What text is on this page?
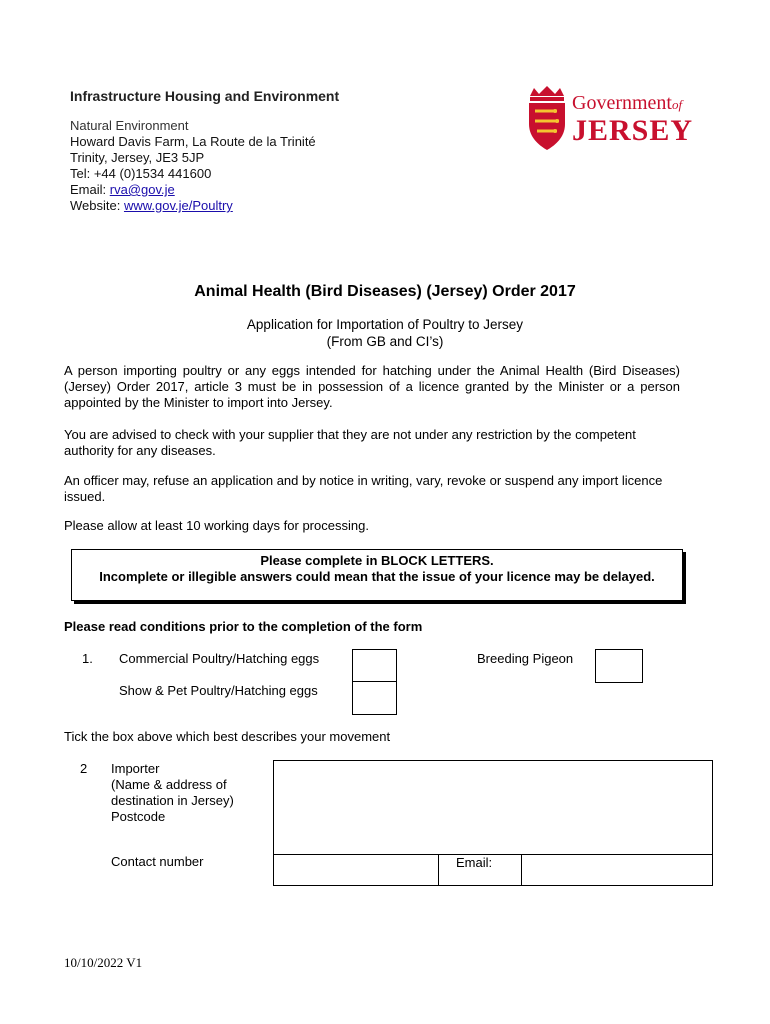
Infrastructure Housing and Environment
Natural Environment
Howard Davis Farm, La Route de la Trinité
Trinity, Jersey, JE3 5JP
Tel: +44 (0)1534 441600
Email: rva@gov.je
Website: www.gov.je/Poultry
Governmentof
JERSEY
Animal Health (Bird Diseases) (Jersey) Order 2017
Application for Importation of Poultry to Jersey
(From GB and CI’s)
A person importing poultry or any eggs intended for hatching under the Animal Health (Bird Diseases) (Jersey) Order 2017, article 3 must be in possession of a licence granted by the Minister or a person appointed by the Minister to import into Jersey.
You are advised to check with your supplier that they are not under any restriction by the competent authority for any diseases.
An officer may, refuse an application and by notice in writing, vary, revoke or suspend any import licence issued.
Please allow at least 10 working days for processing.
Please complete in BLOCK LETTERS.
Incomplete or illegible answers could mean that the issue of your licence may be delayed.
Please read conditions prior to the completion of the form
1. Commercial Poultry/Hatching eggs	Breeding Pigeon
Show & Pet Poultry/Hatching eggs
Tick the box above which best describes your movement
2 Importer
(Name & address of
destination in Jersey)
Postcode
Contact number	Email:
10/10/2022 V1
